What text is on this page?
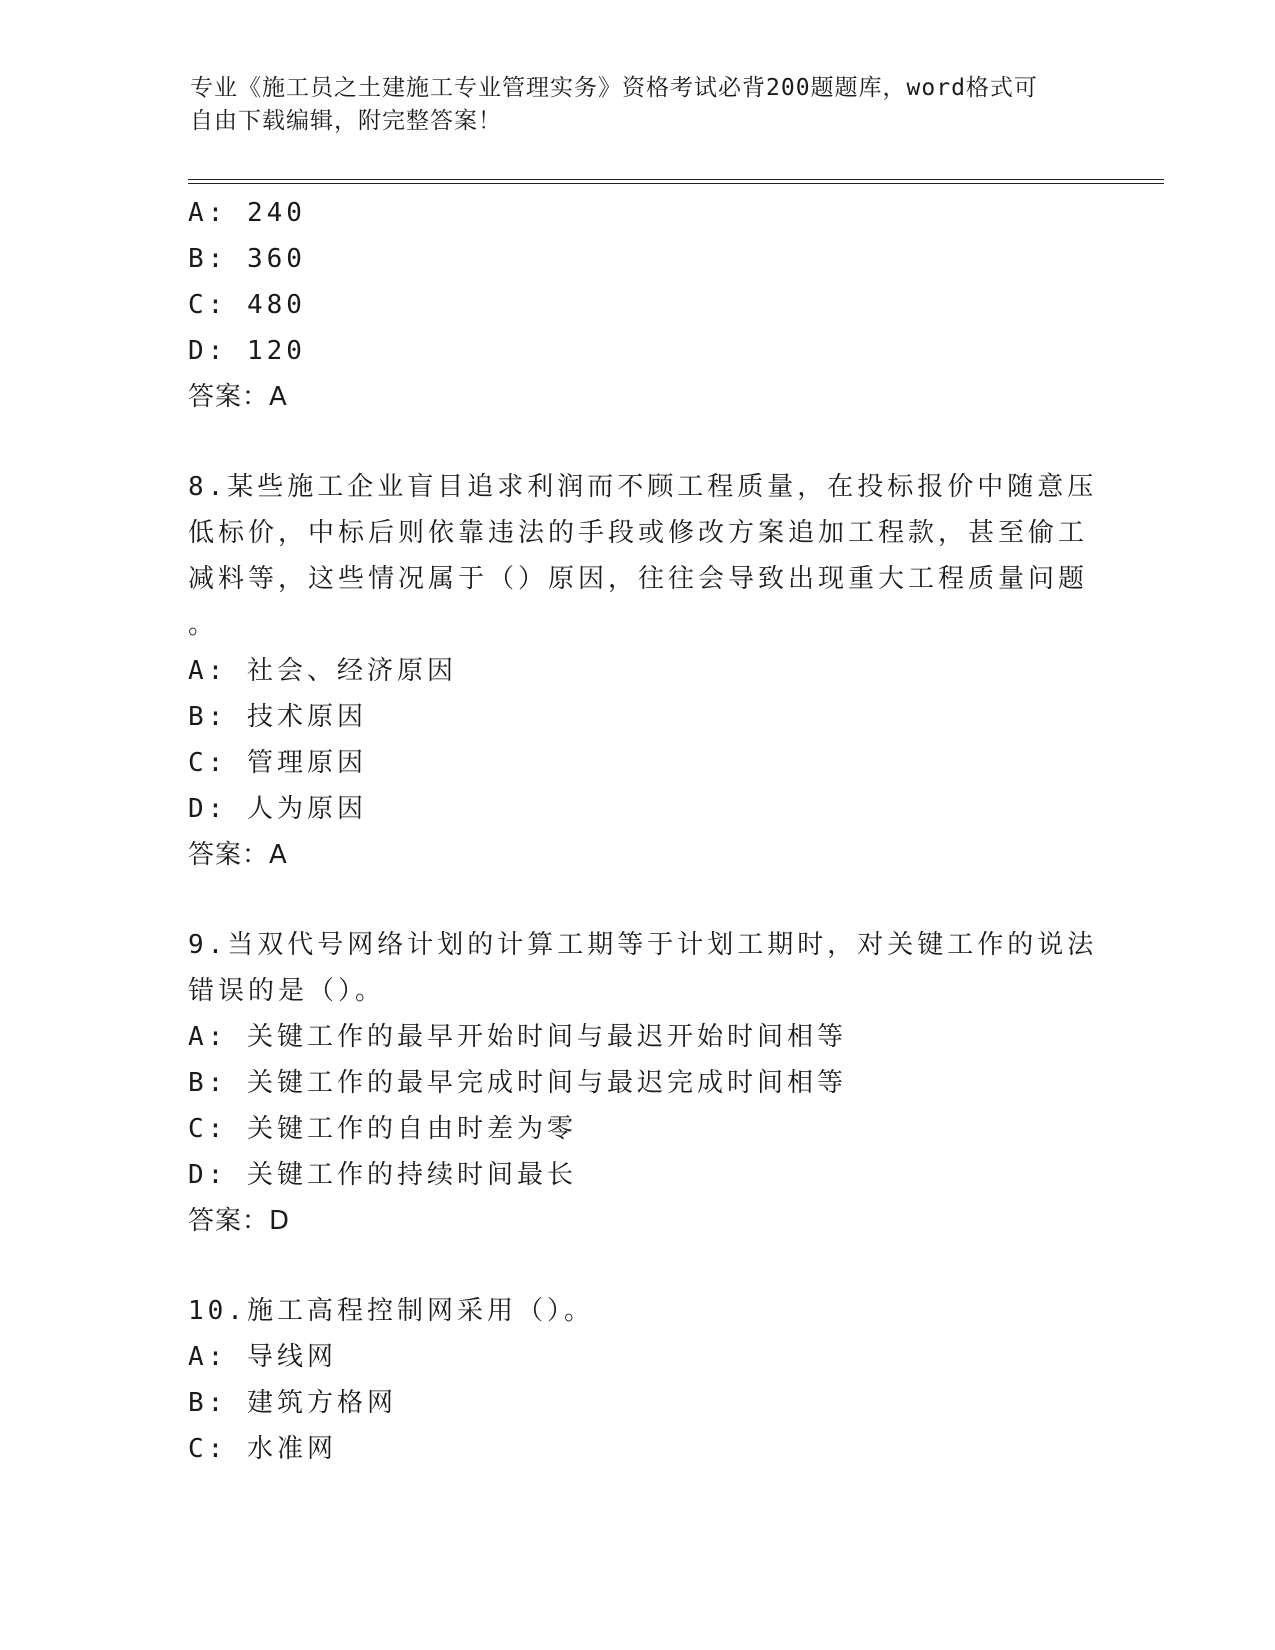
专业《施工员之土建施工专业管理实务》资格考试必背200题题库，word格式可
自由下载编辑，附完整答案！
A: 240
B: 360
C: 480
D: 120
答案：A
8.某些施工企业盲目追求利润而不顾工程质量，在投标报价中随意压
低标价，中标后则依靠违法的手段或修改方案追加工程款，甚至偷工
减料等，这些情况属于（）原因，往往会导致出现重大工程质量问题
。
A: 社会、经济原因
B: 技术原因
C: 管理原因
D: 人为原因
答案：A
9.当双代号网络计划的计算工期等于计划工期时，对关键工作的说法
错误的是（）。
A: 关键工作的最早开始时间与最迟开始时间相等
B: 关键工作的最早完成时间与最迟完成时间相等
C: 关键工作的自由时差为零
D: 关键工作的持续时间最长
答案：D
10.施工高程控制网采用（）。
A: 导线网
B: 建筑方格网
C: 水准网
